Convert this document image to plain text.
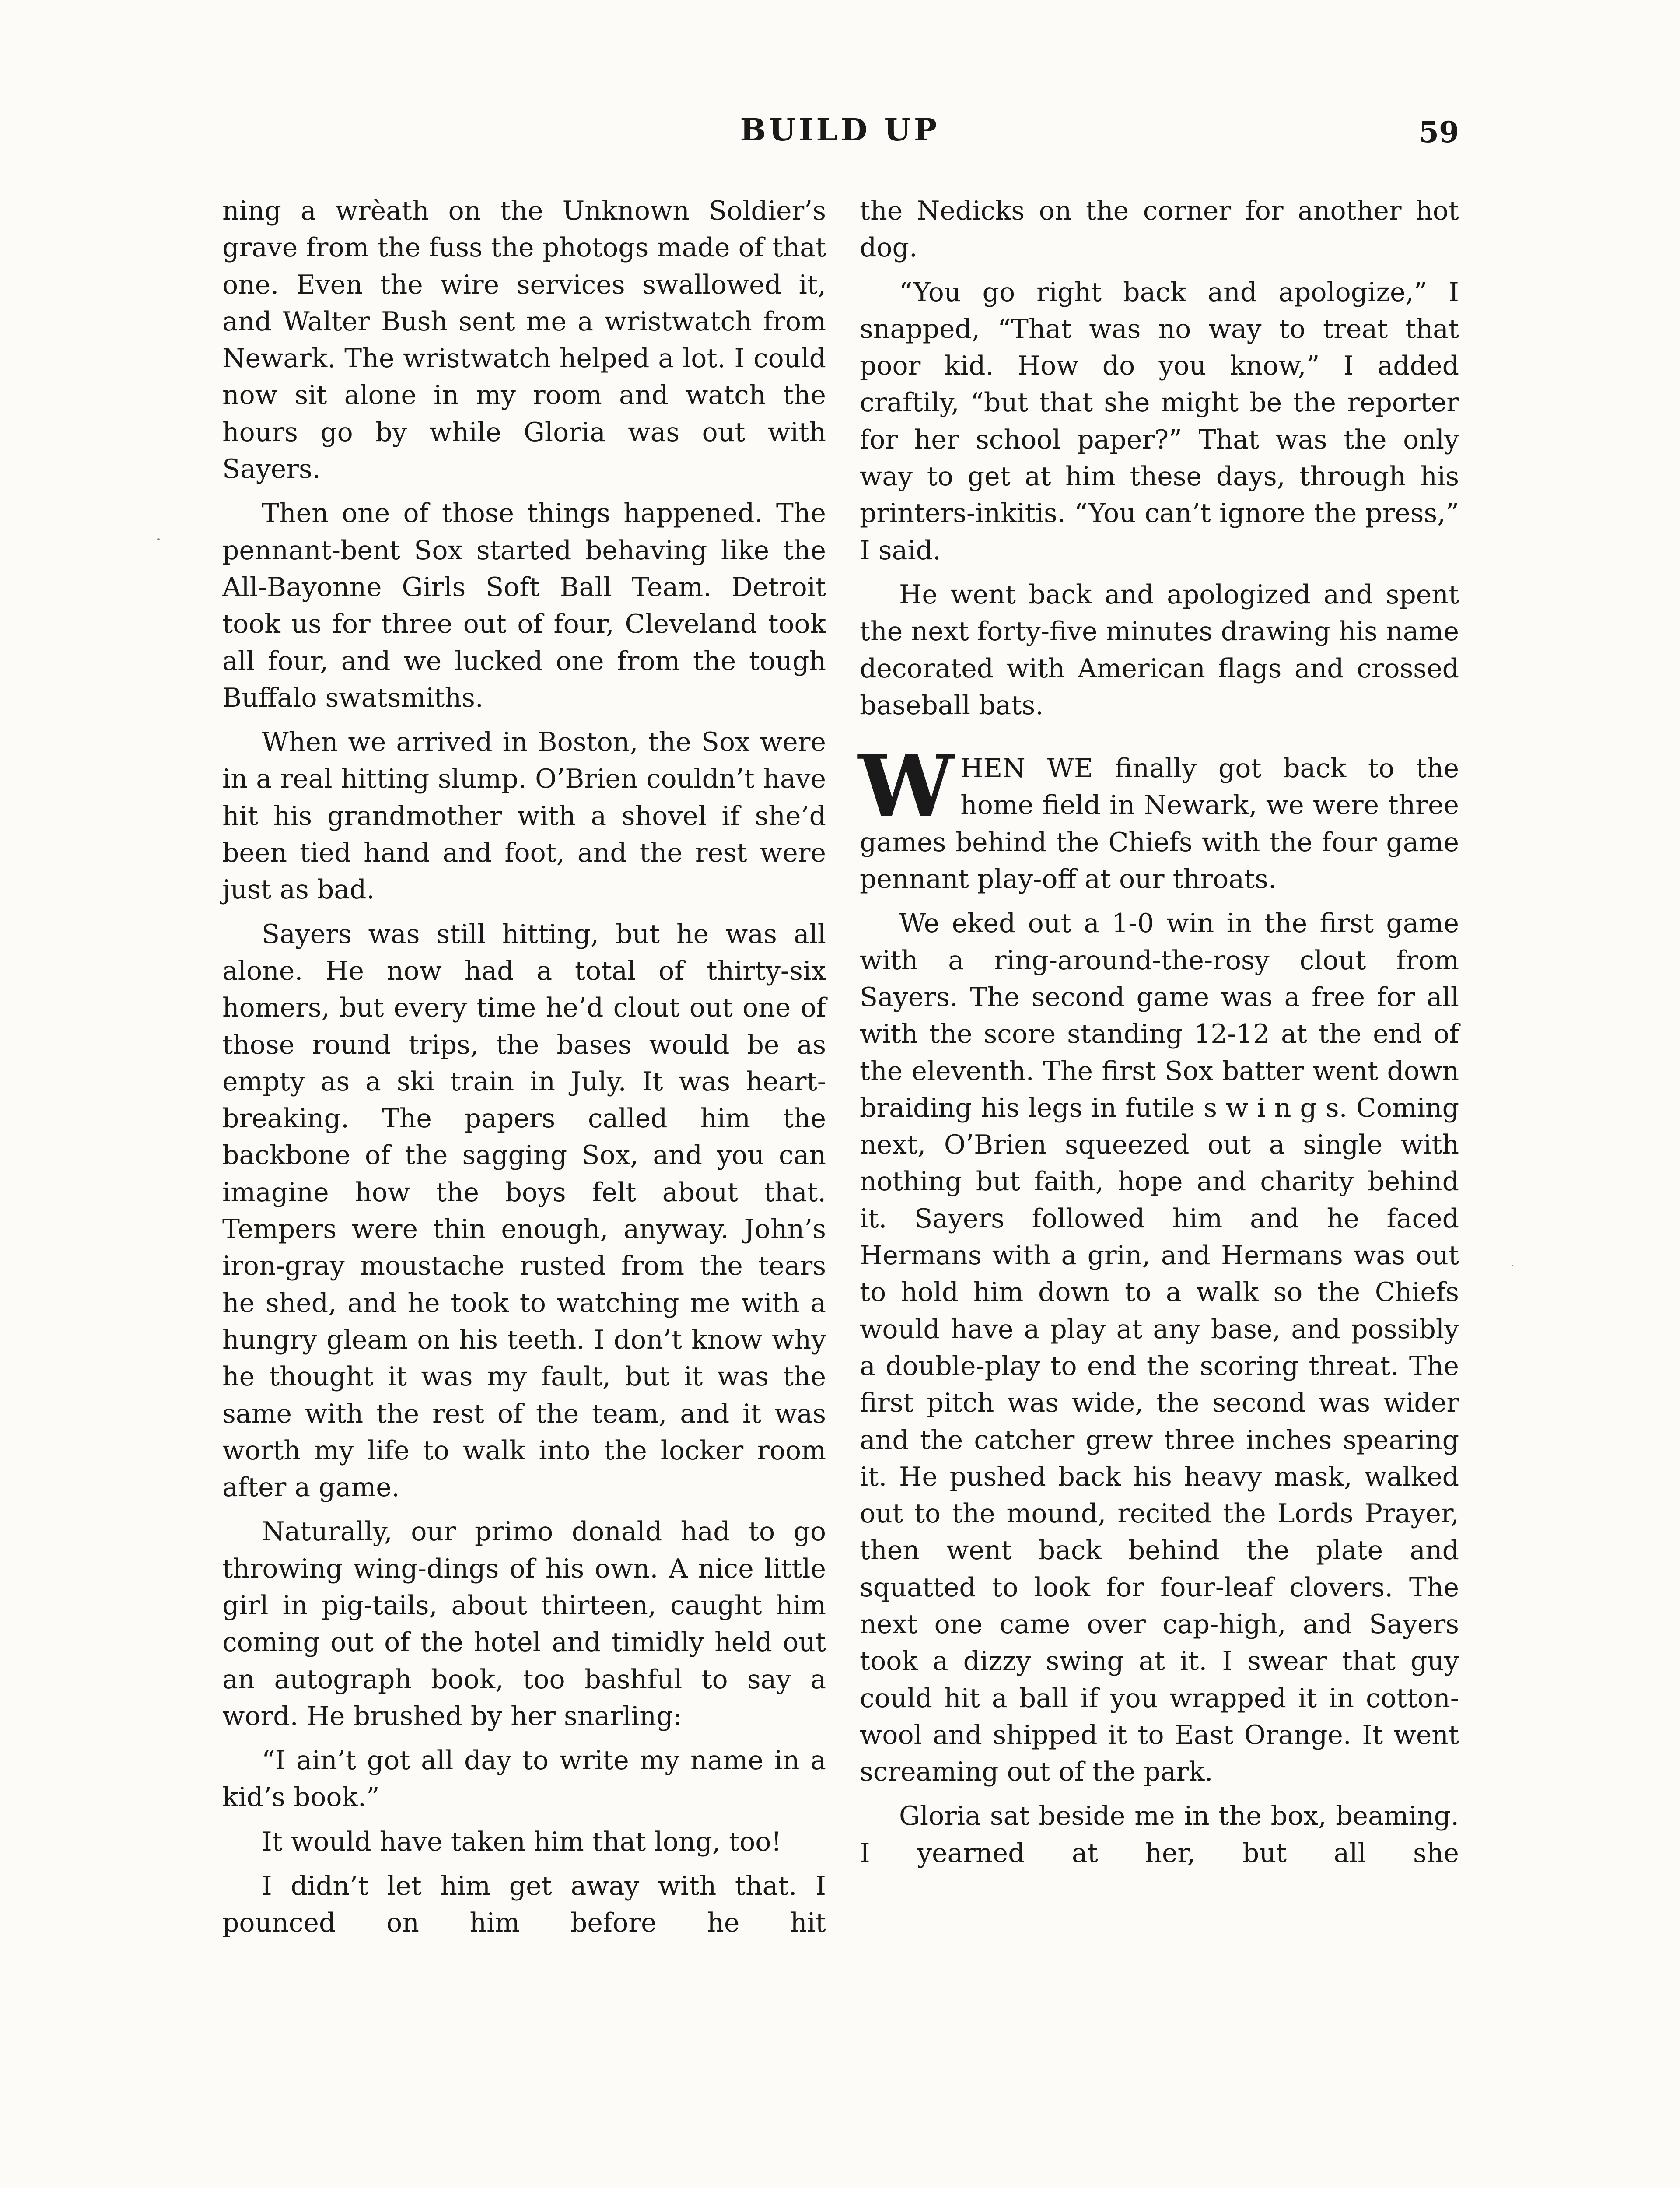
BUILD UP	59

ning a wrèath on the Unknown Soldier’s grave from the fuss the photogs made of that one. Even the wire services swallowed it, and Walter Bush sent me a wristwatch from Newark. The wristwatch helped a lot. I could now sit alone in my room and watch the hours go by while Gloria was out with Sayers.

Then one of those things happened. The pennant-bent Sox started behaving like the All-Bayonne Girls Soft Ball Team. Detroit took us for three out of four, Cleveland took all four, and we lucked one from the tough Buffalo swatsmiths.

When we arrived in Boston, the Sox were in a real hitting slump. O’Brien couldn’t have hit his grandmother with a shovel if she’d been tied hand and foot, and the rest were just as bad.

Sayers was still hitting, but he was all alone. He now had a total of thirty-six homers, but every time he’d clout out one of those round trips, the bases would be as empty as a ski train in July. It was heart-breaking. The papers called him the backbone of the sagging Sox, and you can imagine how the boys felt about that. Tempers were thin enough, anyway. John’s iron-gray moustache rusted from the tears he shed, and he took to watching me with a hungry gleam on his teeth. I don’t know why he thought it was my fault, but it was the same with the rest of the team, and it was worth my life to walk into the locker room after a game.

Naturally, our primo donald had to go throwing wing-dings of his own. A nice little girl in pig-tails, about thirteen, caught him coming out of the hotel and timidly held out an autograph book, too bashful to say a word. He brushed by her snarling:

“I ain’t got all day to write my name in a kid’s book.”

It would have taken him that long, too!

I didn’t let him get away with that. I pounced on him before he hit

the Nedicks on the corner for another hot dog.

“You go right back and apologize,” I snapped, “That was no way to treat that poor kid. How do you know,” I added craftily, “but that she might be the reporter for her school paper?” That was the only way to get at him these days, through his printers-inkitis. “You can’t ignore the press,” I said.

He went back and apologized and spent the next forty-five minutes drawing his name decorated with American flags and crossed baseball bats.

W HEN WE finally got back to the home field in Newark, we were three games behind the Chiefs with the four game pennant play-off at our throats.

We eked out a 1-0 win in the first game with a ring-around-the-rosy clout from Sayers. The second game was a free for all with the score standing 12-12 at the end of the eleventh. The first Sox batter went down braiding his legs in futile s w i n g s. Coming next, O’Brien squeezed out a single with nothing but faith, hope and charity behind it. Sayers followed him and he faced Hermans with a grin, and Hermans was out to hold him down to a walk so the Chiefs would have a play at any base, and possibly a double-play to end the scoring threat. The first pitch was wide, the second was wider and the catcher grew three inches spearing it. He pushed back his heavy mask, walked out to the mound, recited the Lords Prayer, then went back behind the plate and squatted to look for four-leaf clovers. The next one came over cap-high, and Sayers took a dizzy swing at it. I swear that guy could hit a ball if you wrapped it in cotton-wool and shipped it to East Orange. It went screaming out of the park.

Gloria sat beside me in the box, beaming. I yearned at her, but all she
